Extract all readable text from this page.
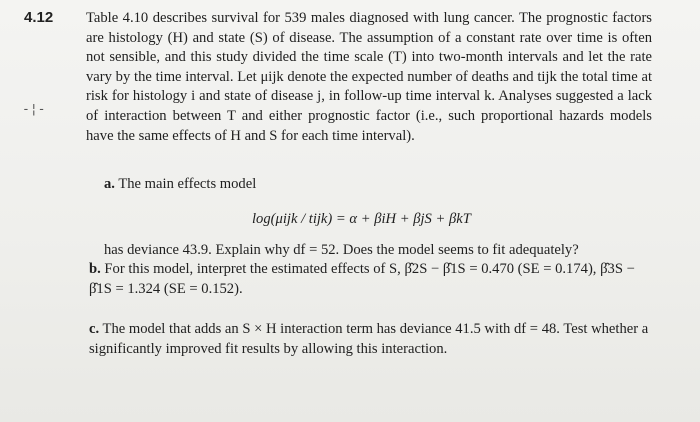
4.12 Table 4.10 describes survival for 539 males diagnosed with lung cancer. The prognostic factors are histology (H) and state (S) of disease. The assumption of a constant rate over time is often not sensible, and this study divided the time scale (T) into two-month intervals and let the rate vary by the time interval. Let μijk denote the expected number of deaths and tijk the total time at risk for histology i and state of disease j, in follow-up time interval k. Analyses suggested a lack of interaction between T and either prognostic factor (i.e., such proportional hazards models have the same effects of H and S for each time interval).

-¦-
a. The main effects model
log(μijk / tijk) = α + βiH + βjS + βkT
has deviance 43.9. Explain why df = 52. Does the model seems to fit adequately?
b. For this model, interpret the estimated effects of S, β̂2S − β̂1S = 0.470 (SE = 0.174), β̂3S − β̂1S = 1.324 (SE = 0.152).
c. The model that adds an S × H interaction term has deviance 41.5 with df = 48. Test whether a significantly improved fit results by allowing this interaction.
